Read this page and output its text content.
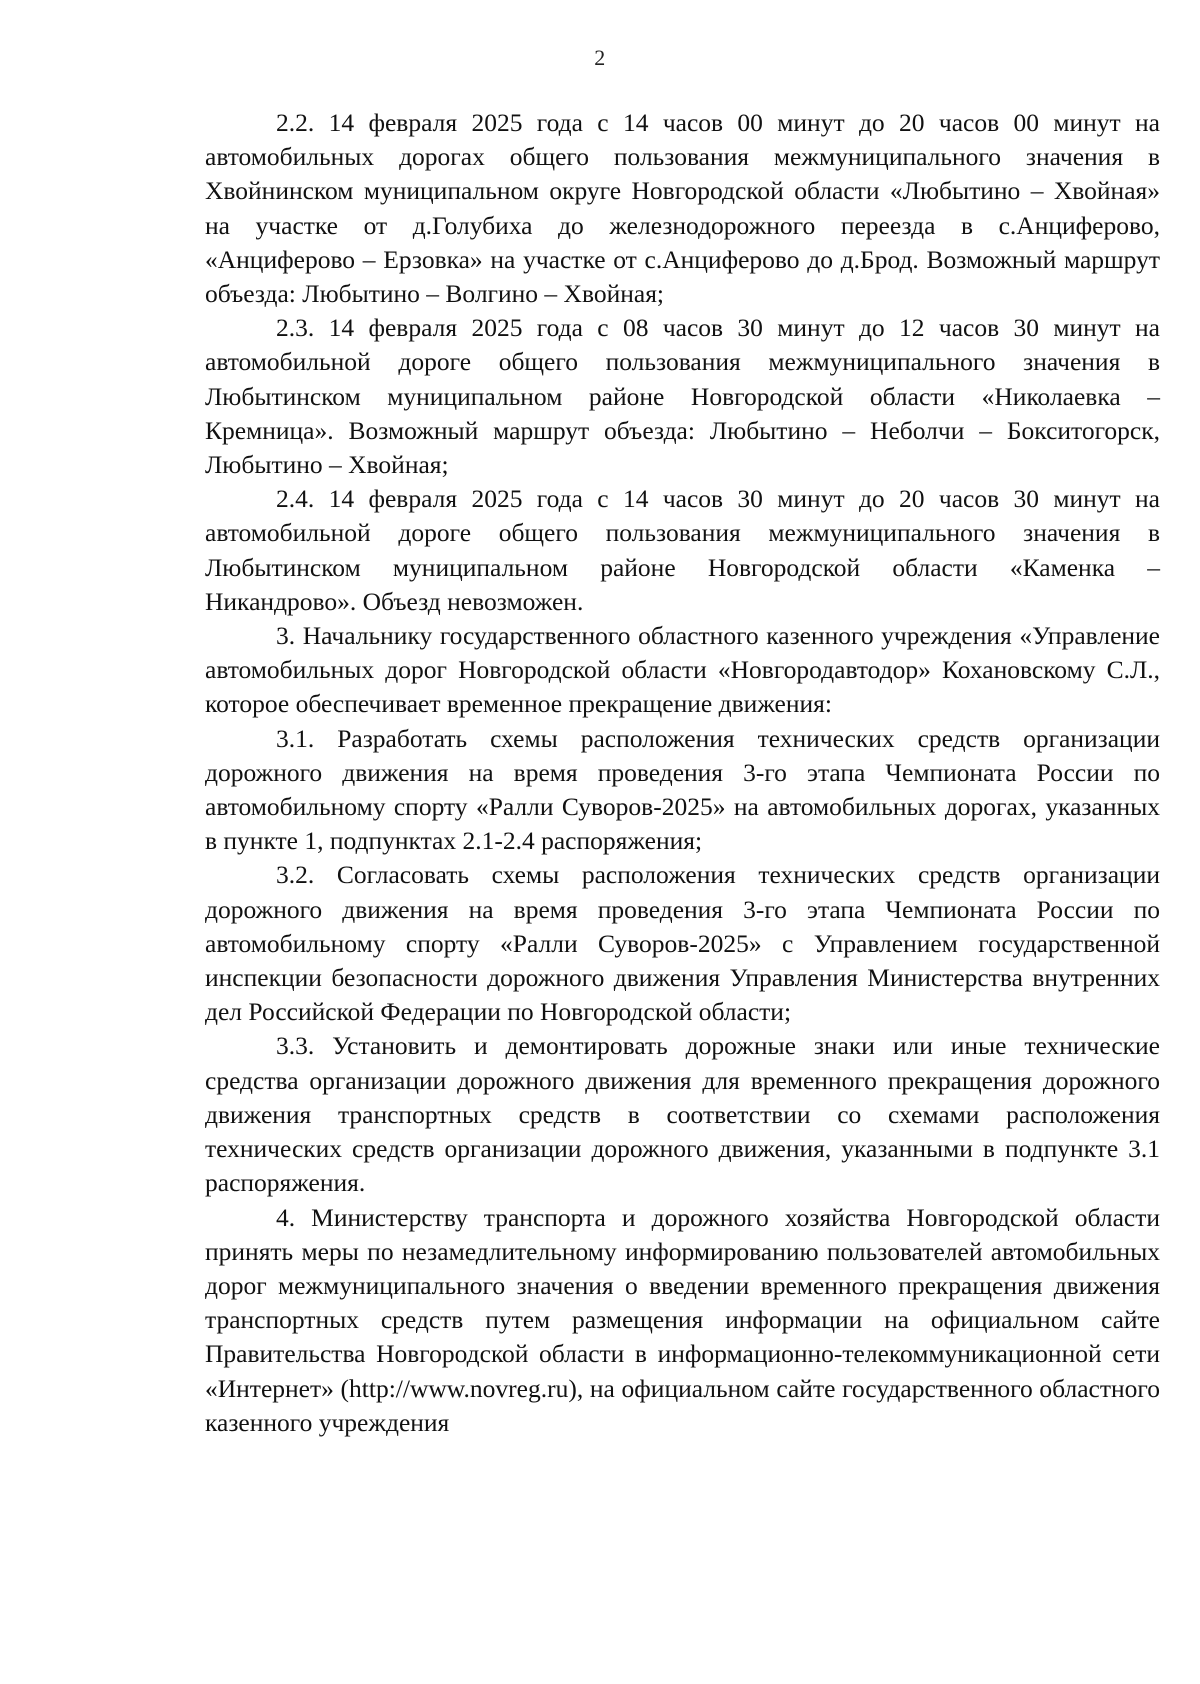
2

2.2. 14 февраля 2025 года с 14 часов 00 минут до 20 часов 00 минут на автомобильных дорогах общего пользования межмуниципального значения в Хвойнинском муниципальном округе Новгородской области «Любытино – Хвойная» на участке от д.Голубиха до железнодорожного переезда в с.Анциферово, «Анциферово – Ерзовка» на участке от с.Анциферово до д.Брод. Возможный маршрут объезда: Любытино – Волгино – Хвойная;

2.3. 14 февраля 2025 года с 08 часов 30 минут до 12 часов 30 минут на автомобильной дороге общего пользования межмуниципального значения в Любытинском муниципальном районе Новгородской области «Николаевка – Кремница». Возможный маршрут объезда: Любытино – Неболчи – Бокситогорск, Любытино – Хвойная;

2.4. 14 февраля 2025 года с 14 часов 30 минут до 20 часов 30 минут на автомобильной дороге общего пользования межмуниципального значения в Любытинском муниципальном районе Новгородской области «Каменка – Никандрово». Объезд невозможен.

3. Начальнику государственного областного казенного учреждения «Управление автомобильных дорог Новгородской области «Новгородавтодор» Кохановскому С.Л., которое обеспечивает временное прекращение движения:

3.1. Разработать схемы расположения технических средств организации дорожного движения на время проведения 3-го этапа Чемпионата России по автомобильному спорту «Ралли Суворов-2025» на автомобильных дорогах, указанных в пункте 1, подпунктах 2.1-2.4 распоряжения;

3.2. Согласовать схемы расположения технических средств организации дорожного движения на время проведения 3-го этапа Чемпионата России по автомобильному спорту «Ралли Суворов-2025» с Управлением государственной инспекции безопасности дорожного движения Управления Министерства внутренних дел Российской Федерации по Новгородской области;

3.3. Установить и демонтировать дорожные знаки или иные технические средства организации дорожного движения для временного прекращения дорожного движения транспортных средств в соответствии со схемами расположения технических средств организации дорожного движения, указанными в подпункте 3.1 распоряжения.

4. Министерству транспорта и дорожного хозяйства Новгородской области принять меры по незамедлительному информированию пользователей автомобильных дорог межмуниципального значения о введении временного прекращения движения транспортных средств путем размещения информации на официальном сайте Правительства Новгородской области в информационно-телекоммуникационной сети «Интернет» (http://www.novreg.ru), на официальном сайте государственного областного казенного учреждения
